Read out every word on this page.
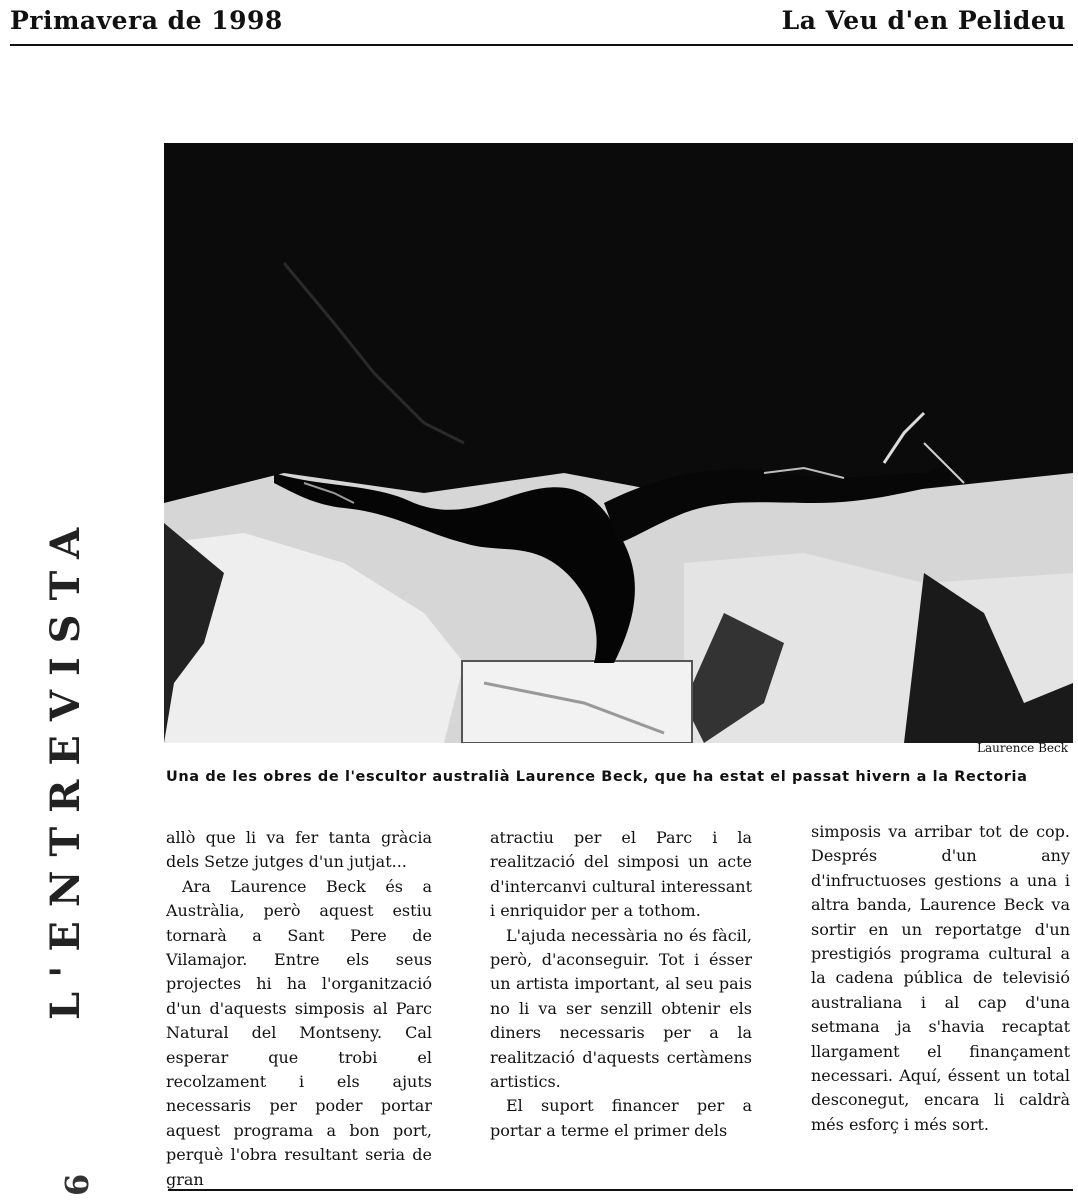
Primavera de 1998	La Veu d'en Pelideu
L'ENTREVISTA
6
Laurence Beck
Una de les obres de l'escultor australià Laurence Beck, que ha estat el passat hivern a la Rectoria

allò que li va fer tanta gràcia dels Setze jutges d'un jutjat...

Ara Laurence Beck és a Austràlia, però aquest estiu tornarà a Sant Pere de Vilamajor. Entre els seus projectes hi ha l'organització d'un d'aquests simposis al Parc Natural del Montseny. Cal esperar que trobi el recolzament i els ajuts necessaris per poder portar aquest programa a bon port, perquè l'obra resultant seria de gran

atractiu per el Parc i la realització del simposi un acte d'intercanvi cultural interessant i enriquidor per a tothom.

L'ajuda necessària no és fàcil, però, d'aconseguir. Tot i ésser un artista important, al seu pais no li va ser senzill obtenir els diners necessaris per a la realització d'aquests certàmens artistics.

El suport financer per a portar a terme el primer dels

simposis va arribar tot de cop. Després d'un any d'infructuoses gestions a una i altra banda, Laurence Beck va sortir en un reportatge d'un prestigiós programa cultural a la cadena pública de televisió australiana i al cap d'una setmana ja s'havia recaptat llargament el finançament necessari. Aquí, éssent un total desconegut, encara li caldrà més esforç i més sort.
